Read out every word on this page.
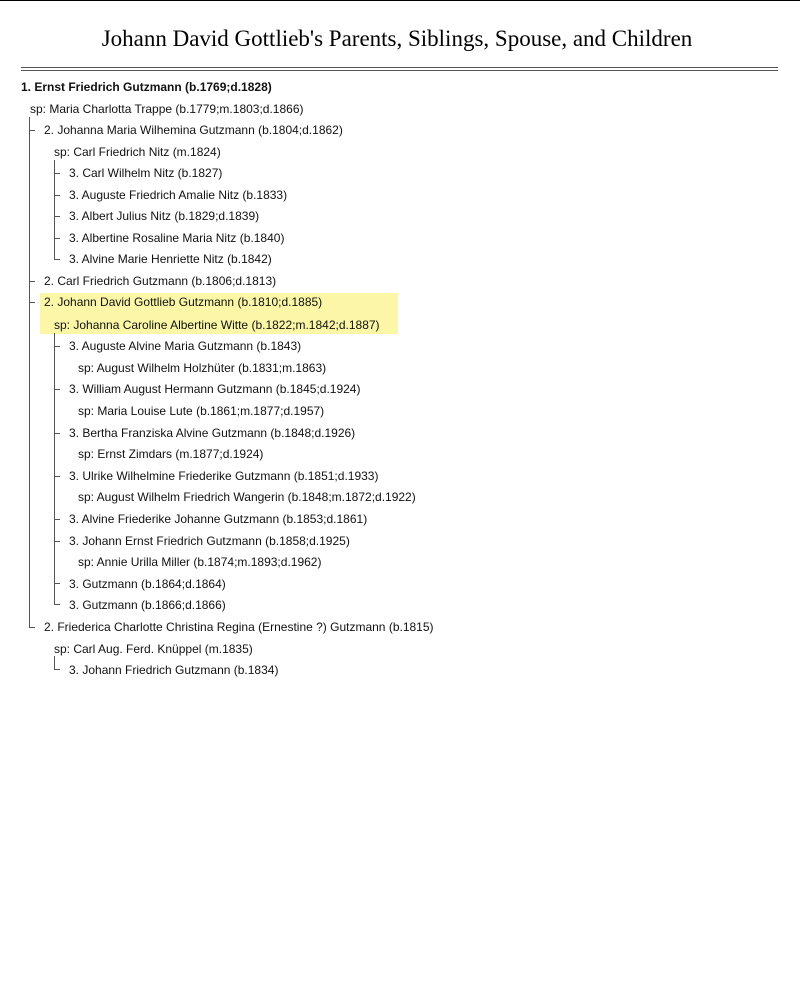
Johann David Gottlieb's Parents, Siblings, Spouse, and Children
1. Ernst Friedrich Gutzmann (b.1769;d.1828)
sp: Maria Charlotta Trappe (b.1779;m.1803;d.1866)
2. Johanna Maria Wilhemina Gutzmann (b.1804;d.1862)
sp: Carl Friedrich Nitz (m.1824)
3. Carl Wilhelm Nitz (b.1827)
3. Auguste Friedrich Amalie Nitz (b.1833)
3. Albert Julius Nitz (b.1829;d.1839)
3. Albertine Rosaline Maria Nitz (b.1840)
3. Alvine Marie Henriette Nitz (b.1842)
2. Carl Friedrich Gutzmann (b.1806;d.1813)
2. Johann David Gottlieb Gutzmann (b.1810;d.1885)
sp: Johanna Caroline Albertine Witte (b.1822;m.1842;d.1887)
3. Auguste Alvine Maria Gutzmann (b.1843)
sp: August Wilhelm Holzhüter (b.1831;m.1863)
3. William August Hermann Gutzmann (b.1845;d.1924)
sp: Maria Louise Lute (b.1861;m.1877;d.1957)
3. Bertha Franziska Alvine Gutzmann (b.1848;d.1926)
sp: Ernst Zimdars (m.1877;d.1924)
3. Ulrike Wilhelmine Friederike Gutzmann (b.1851;d.1933)
sp: August Wilhelm Friedrich Wangerin (b.1848;m.1872;d.1922)
3. Alvine Friederike Johanne Gutzmann (b.1853;d.1861)
3. Johann Ernst Friedrich Gutzmann (b.1858;d.1925)
sp: Annie Urilla Miller (b.1874;m.1893;d.1962)
3. Gutzmann (b.1864;d.1864)
3. Gutzmann (b.1866;d.1866)
2. Friederica Charlotte Christina Regina (Ernestine ?) Gutzmann (b.1815)
sp: Carl Aug. Ferd. Knüppel (m.1835)
3. Johann Friedrich Gutzmann (b.1834)
